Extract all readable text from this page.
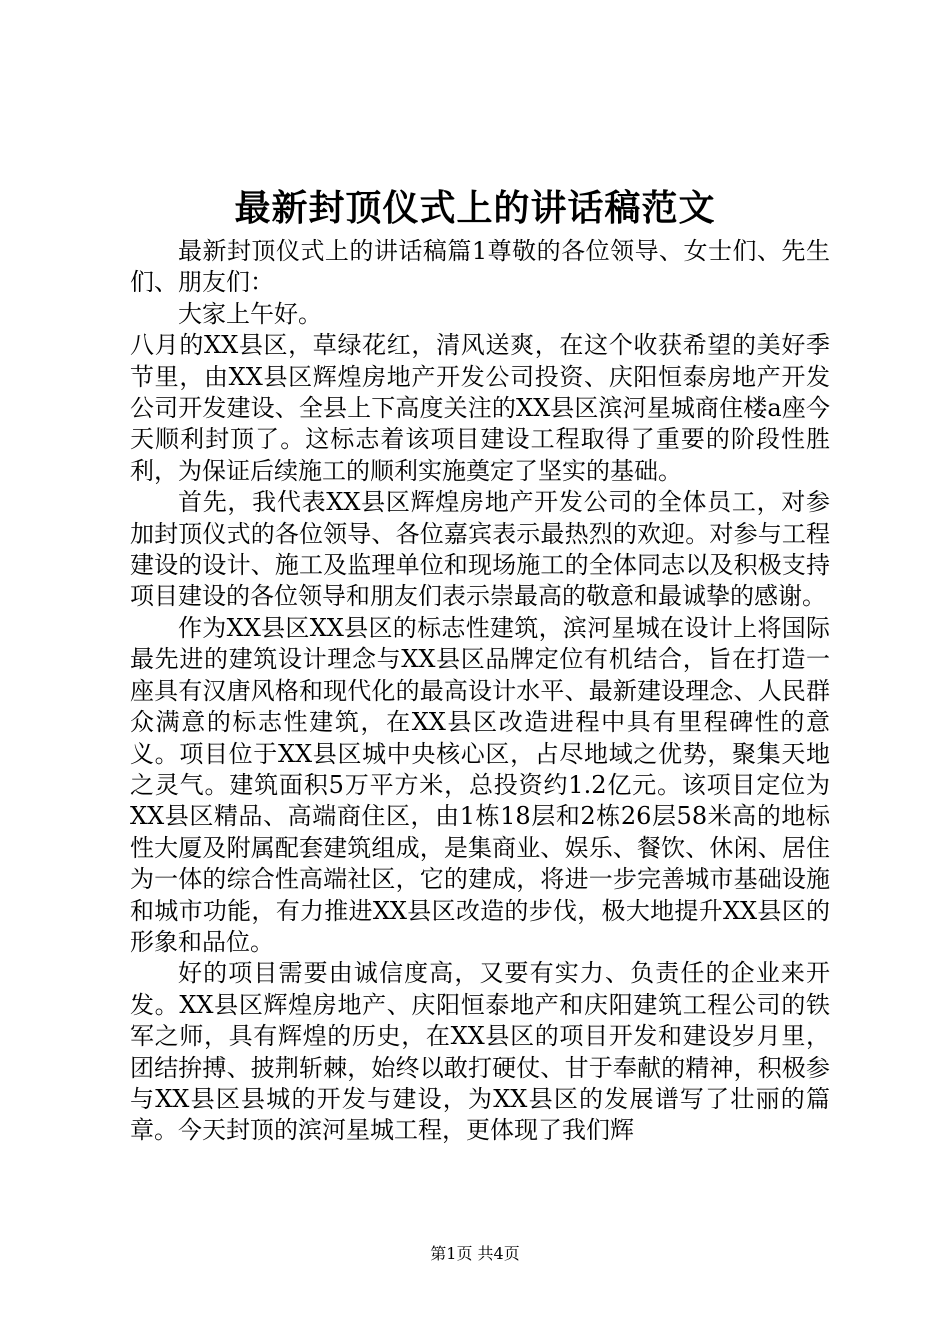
最新封顶仪式上的讲话稿范文

最新封顶仪式上的讲话稿篇1尊敬的各位领导、女士们、先生们、朋友们：

大家上午好。

八月的XX县区，草绿花红，清风送爽，在这个收获希望的美好季节里，由XX县区辉煌房地产开发公司投资、庆阳恒泰房地产开发公司开发建设、全县上下高度关注的XX县区滨河星城商住楼a座今天顺利封顶了。这标志着该项目建设工程取得了重要的阶段性胜利，为保证后续施工的顺利实施奠定了坚实的基础。

首先，我代表XX县区辉煌房地产开发公司的全体员工，对参加封顶仪式的各位领导、各位嘉宾表示最热烈的欢迎。对参与工程建设的设计、施工及监理单位和现场施工的全体同志以及积极支持项目建设的各位领导和朋友们表示崇最高的敬意和最诚挚的感谢。

作为XX县区XX县区的标志性建筑，滨河星城在设计上将国际最先进的建筑设计理念与XX县区品牌定位有机结合，旨在打造一座具有汉唐风格和现代化的最高设计水平、最新建设理念、人民群众满意的标志性建筑，在XX县区改造进程中具有里程碑性的意义。项目位于XX县区城中央核心区，占尽地域之优势，聚集天地之灵气。建筑面积5万平方米，总投资约1.2亿元。该项目定位为XX县区精品、高端商住区，由1栋18层和2栋26层58米高的地标性大厦及附属配套建筑组成，是集商业、娱乐、餐饮、休闲、居住为一体的综合性高端社区，它的建成，将进一步完善城市基础设施和城市功能，有力推进XX县区改造的步伐，极大地提升XX县区的形象和品位。

好的项目需要由诚信度高，又要有实力、负责任的企业来开发。XX县区辉煌房地产、庆阳恒泰地产和庆阳建筑工程公司的铁军之师，具有辉煌的历史，在XX县区的项目开发和建设岁月里，团结拚搏、披荆斩棘，始终以敢打硬仗、甘于奉献的精神，积极参与XX县区县城的开发与建设，为XX县区的发展谱写了壮丽的篇章。今天封顶的滨河星城工程，更体现了我们辉

第1页 共4页
